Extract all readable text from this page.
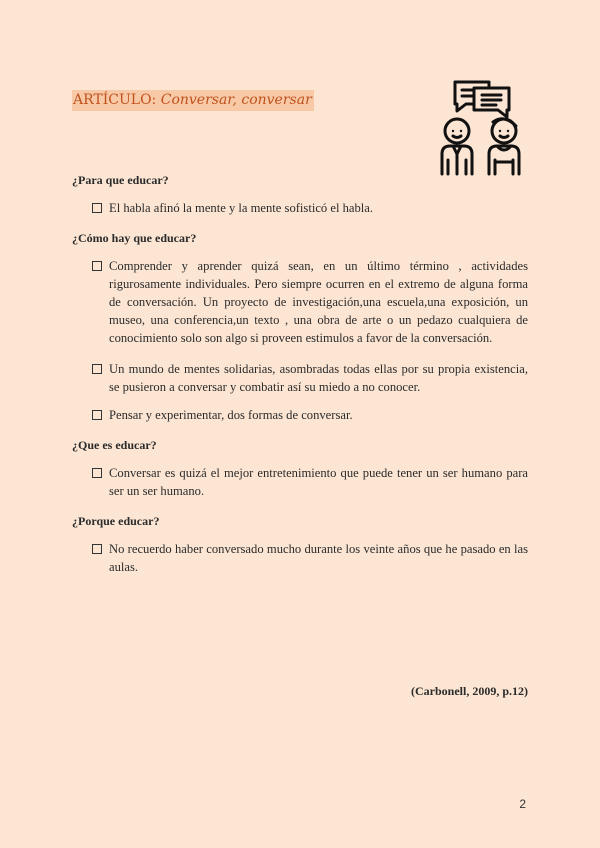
ARTÍCULO: Conversar, conversar

¿Para que educar?

El habla afinó la mente y la mente sofisticó el habla.

¿Cómo hay que educar?

Comprender y aprender quizá sean, en un último término , actividades rigurosamente individuales. Pero siempre ocurren en el extremo de alguna forma de conversación. Un proyecto de investigación,una escuela,una exposición, un museo, una conferencia,un texto , una obra de arte o un pedazo cualquiera de conocimiento solo son algo si proveen estimulos a favor de la conversación.
Un mundo de mentes solidarias, asombradas todas ellas por su propia existencia, se pusieron a conversar y combatir así su miedo a no conocer.
Pensar y experimentar, dos formas de conversar.

¿Que es educar?

Conversar es quizá el mejor entretenimiento que puede tener un ser humano para ser un ser humano.

¿Porque educar?

No recuerdo haber conversado mucho durante los veinte años que he pasado en las aulas.
(Carbonell, 2009, p.12)
2
